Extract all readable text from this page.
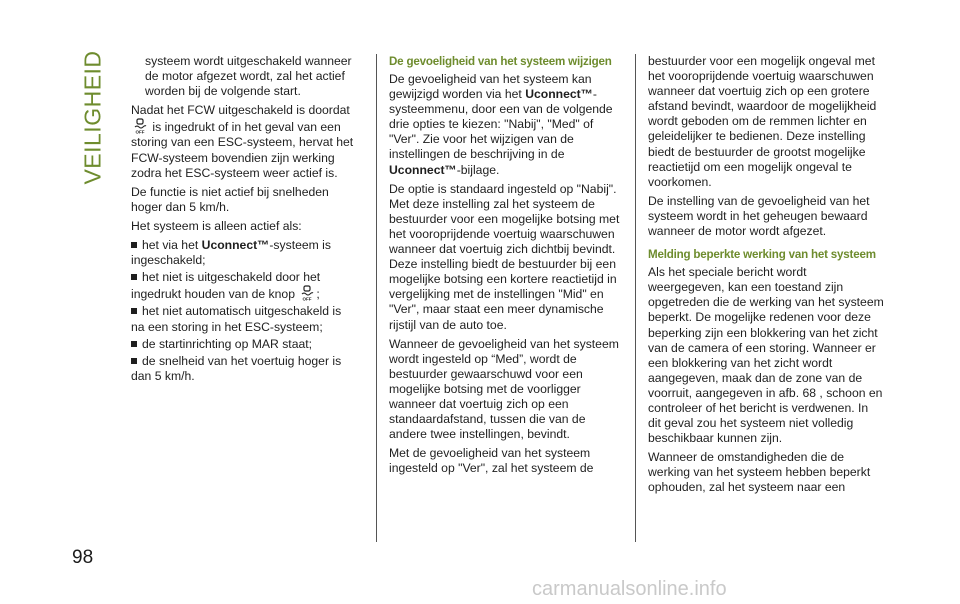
VEILIGHEID
98

systeem wordt uitgeschakeld wanneer de motor afgezet wordt, zal het actief worden bij de volgende start.

Nadat het FCW uitgeschakeld is doordat

OFF is ingedrukt of in het geval van een storing van een ESC-systeem, hervat het FCW-systeem bovendien zijn werking zodra het ESC-systeem weer actief is.

De functie is niet actief bij snelheden hoger dan 5 km/h.

Het systeem is alleen actief als:

het via het Uconnect™-systeem is ingeschakeld;
het niet is uitgeschakeld door het ingedrukt houden van de knop OFF ;
het niet automatisch uitgeschakeld is na een storing in het ESC-systeem;
de startinrichting op MAR staat;
de snelheid van het voertuig hoger is dan 5 km/h.
De gevoeligheid van het systeem wijzigen

De gevoeligheid van het systeem kan gewijzigd worden via het Uconnect™-systeemmenu, door een van de volgende drie opties te kiezen: "Nabij", "Med" of "Ver". Zie voor het wijzigen van de instellingen de beschrijving in de
Uconnect™-bijlage.

De optie is standaard ingesteld op "Nabij". Met deze instelling zal het systeem de bestuurder voor een mogelijke botsing met het vooroprijdende voertuig waarschuwen wanneer dat voertuig zich dichtbij bevindt. Deze instelling biedt de bestuurder bij een mogelijke botsing een kortere reactietijd in vergelijking met de instellingen "Mid" en "Ver", maar staat een meer dynamische rijstijl van de auto toe.

Wanneer de gevoeligheid van het systeem wordt ingesteld op “Med”, wordt de bestuurder gewaarschuwd voor een mogelijke botsing met de voorligger wanneer dat voertuig zich op een standaardafstand, tussen die van de andere twee instellingen, bevindt.

Met de gevoeligheid van het systeem ingesteld op "Ver", zal het systeem de

bestuurder voor een mogelijk ongeval met het vooroprijdende voertuig waarschuwen wanneer dat voertuig zich op een grotere afstand bevindt, waardoor de mogelijkheid wordt geboden om de remmen lichter en geleidelijker te bedienen. Deze instelling biedt de bestuurder de grootst mogelijke reactietijd om een mogelijk ongeval te voorkomen.

De instelling van de gevoeligheid van het systeem wordt in het geheugen bewaard wanneer de motor wordt afgezet.

Melding beperkte werking van het systeem

Als het speciale bericht wordt weergegeven, kan een toestand zijn opgetreden die de werking van het systeem beperkt. De mogelijke redenen voor deze beperking zijn een blokkering van het zicht van de camera of een storing. Wanneer er een blokkering van het zicht wordt aangegeven, maak dan de zone van de voorruit, aangegeven in afb. 68 , schoon en controleer of het bericht is verdwenen. In dit geval zou het systeem niet volledig beschikbaar kunnen zijn.

Wanneer de omstandigheden die de werking van het systeem hebben beperkt ophouden, zal het systeem naar een

carmanualsonline.info
